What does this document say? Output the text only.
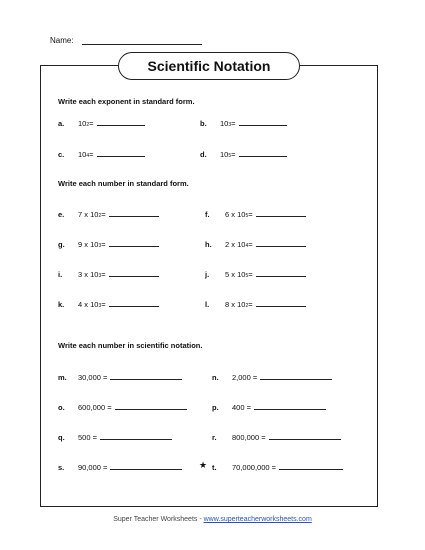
Name:
Scientific Notation
Write each exponent in standard form.
a.	10 2 =	b.	10 3 =
c.	10 4 =	d.	10 5 =
Write each number in standard form.
e.	7 x 10 2 =	f.	6 x 10 5 =
g.	9 x 10 3 =	h.	2 x 10 4 =
i.	3 x 10 3 =	j.	5 x 10 5 =
k.	4 x 10 3 =	l.	8 x 10 2 =
Write each number in scientific notation.
m.	30,000 =	n.	2,000 =
o.	600,000 =	p.	400 =
q.	500 =	r.	800,000 =
s.	90,000 =	★ t.	70,000,000 =
Super Teacher Worksheets - www.superteacherworksheets.com
